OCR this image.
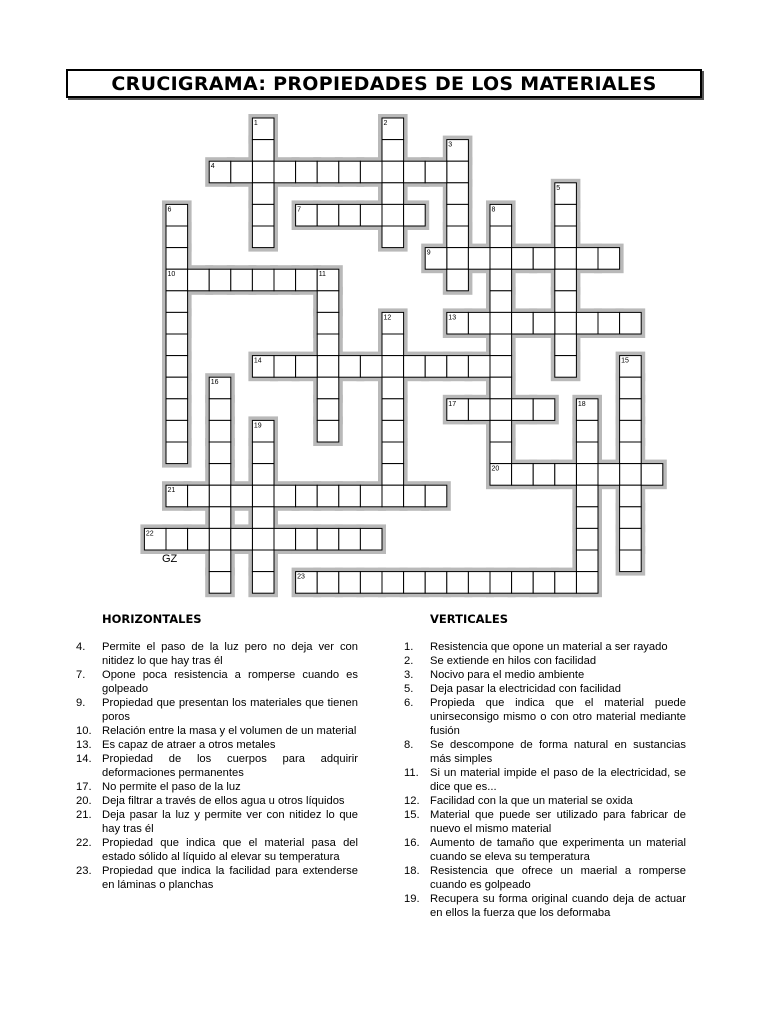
CRUCIGRAMA: PROPIEDADES DE LOS MATERIALES
1	2
3
4
5
6	7	8
9
10	11
12	13
14	15
16
17	18
19
20
21
22
23
GZ
HORIZONTALES
4.	Permite el paso de la luz pero no deja ver con nitidez lo que hay tras él
7.	Opone poca resistencia a romperse cuando es golpeado
9.	Propiedad que presentan los materiales que tienen poros
10. Relación entre la masa y el volumen de un material
13. Es capaz de atraer a otros metales
14. Propiedad de los cuerpos para adquirir deformaciones permanentes
17. No permite el paso de la luz
20. Deja filtrar a través de ellos agua u otros líquidos
21. Deja pasar la luz y permite ver con nitidez lo que hay tras él
22. Propiedad que indica que el material pasa del estado sólido al líquido al elevar su temperatura
23. Propiedad que indica la facilidad para extenderse en láminas o planchas
VERTICALES
1.	Resistencia que opone un material a ser rayado
2.	Se extiende en hilos con facilidad
3.	Nocivo para el medio ambiente
5.	Deja pasar la electricidad con facilidad
6.	Propieda que indica que el material puede unirseconsigo mismo o con otro material mediante fusión
8.	Se descompone de forma natural en sustancias más simples
11.	Si un material impide el paso de la electricidad, se dice que es...
12. Facilidad con la que un material se oxida
15. Material que puede ser utilizado para fabricar de nuevo el mismo material
16. Aumento de tamaño que experimenta un material cuando se eleva su temperatura
18. Resistencia que ofrece un maerial a romperse cuando es golpeado
19. Recupera su forma original cuando deja de actuar en ellos la fuerza que los deformaba
